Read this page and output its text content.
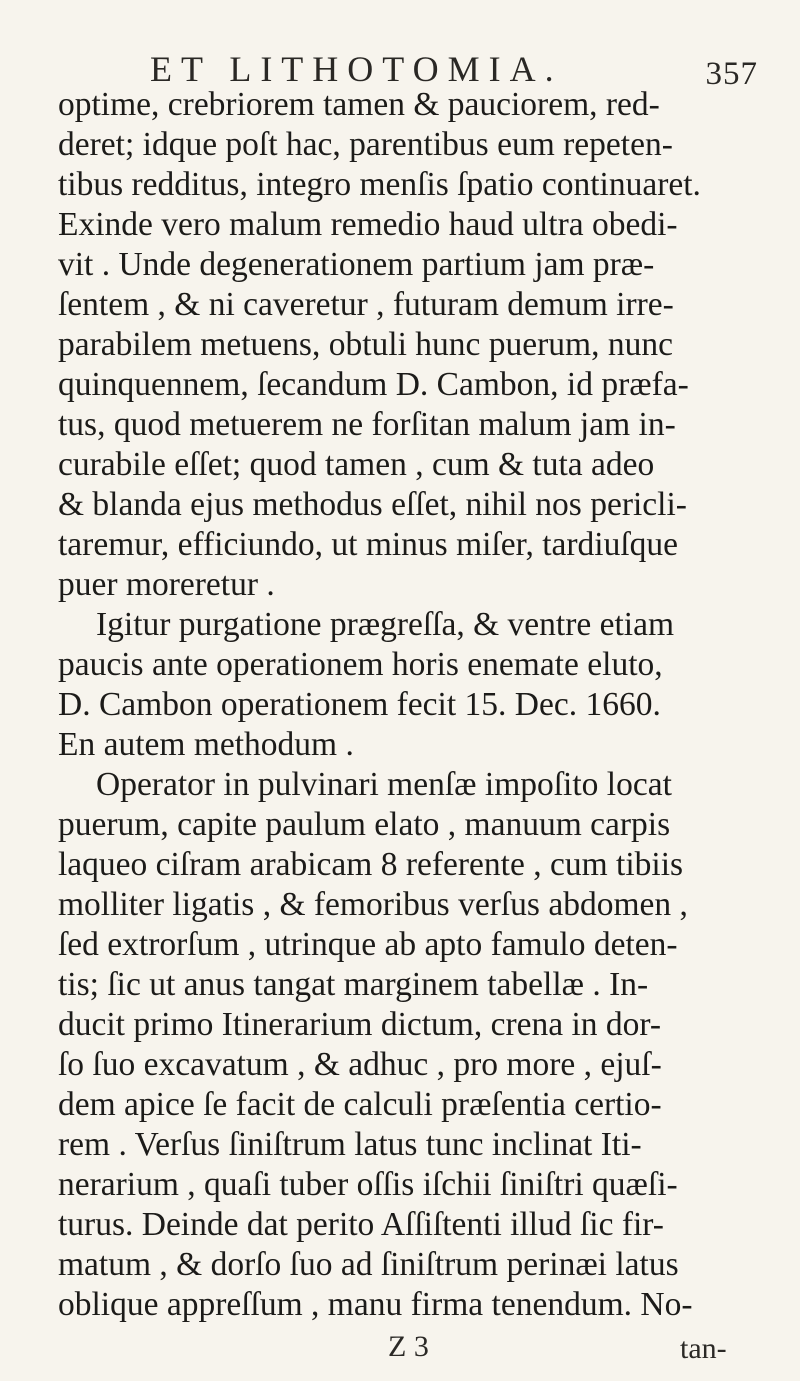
ET LITHOTOMIA.	357
optime, crebriorem tamen & pauciorem, red-
deret; idque poſt hac, parentibus eum repeten-
tibus redditus, integro menſis ſpatio continuaret.
Exinde vero malum remedio haud ultra obedi-
vit . Unde degenerationem partium jam præ-
ſentem , & ni caveretur , futuram demum irre-
parabilem metuens, obtuli hunc puerum, nunc
quinquennem, ſecandum D. Cambon, id præfa-
tus, quod metuerem ne forſitan malum jam in-
curabile eſſet; quod tamen , cum & tuta adeo
& blanda ejus methodus eſſet, nihil nos pericli-
taremur, efficiundo, ut minus miſer, tardiuſque
puer moreretur .
Igitur purgatione prægreſſa, & ventre etiam
paucis ante operationem horis enemate eluto,
D. Cambon operationem fecit 15. Dec. 1660.
En autem methodum .
Operator in pulvinari menſæ impoſito locat
puerum, capite paulum elato , manuum carpis
laqueo ciſram arabicam 8 referente , cum tibiis
molliter ligatis , & femoribus verſus abdomen ,
ſed extrorſum , utrinque ab apto famulo deten-
tis; ſic ut anus tangat marginem tabellæ . In-
ducit primo Itinerarium dictum, crena in dor-
ſo ſuo excavatum , & adhuc , pro more , ejuſ-
dem apice ſe facit de calculi præſentia certio-
rem . Verſus ſiniſtrum latus tunc inclinat Iti-
nerarium , quaſi tuber oſſis iſchii ſiniſtri quæſi-
turus. Deinde dat perito Aſſiſtenti illud ſic fir-
matum , & dorſo ſuo ad ſiniſtrum perinæi latus
oblique appreſſum , manu firma tenendum. No-
Z 3	tan-
